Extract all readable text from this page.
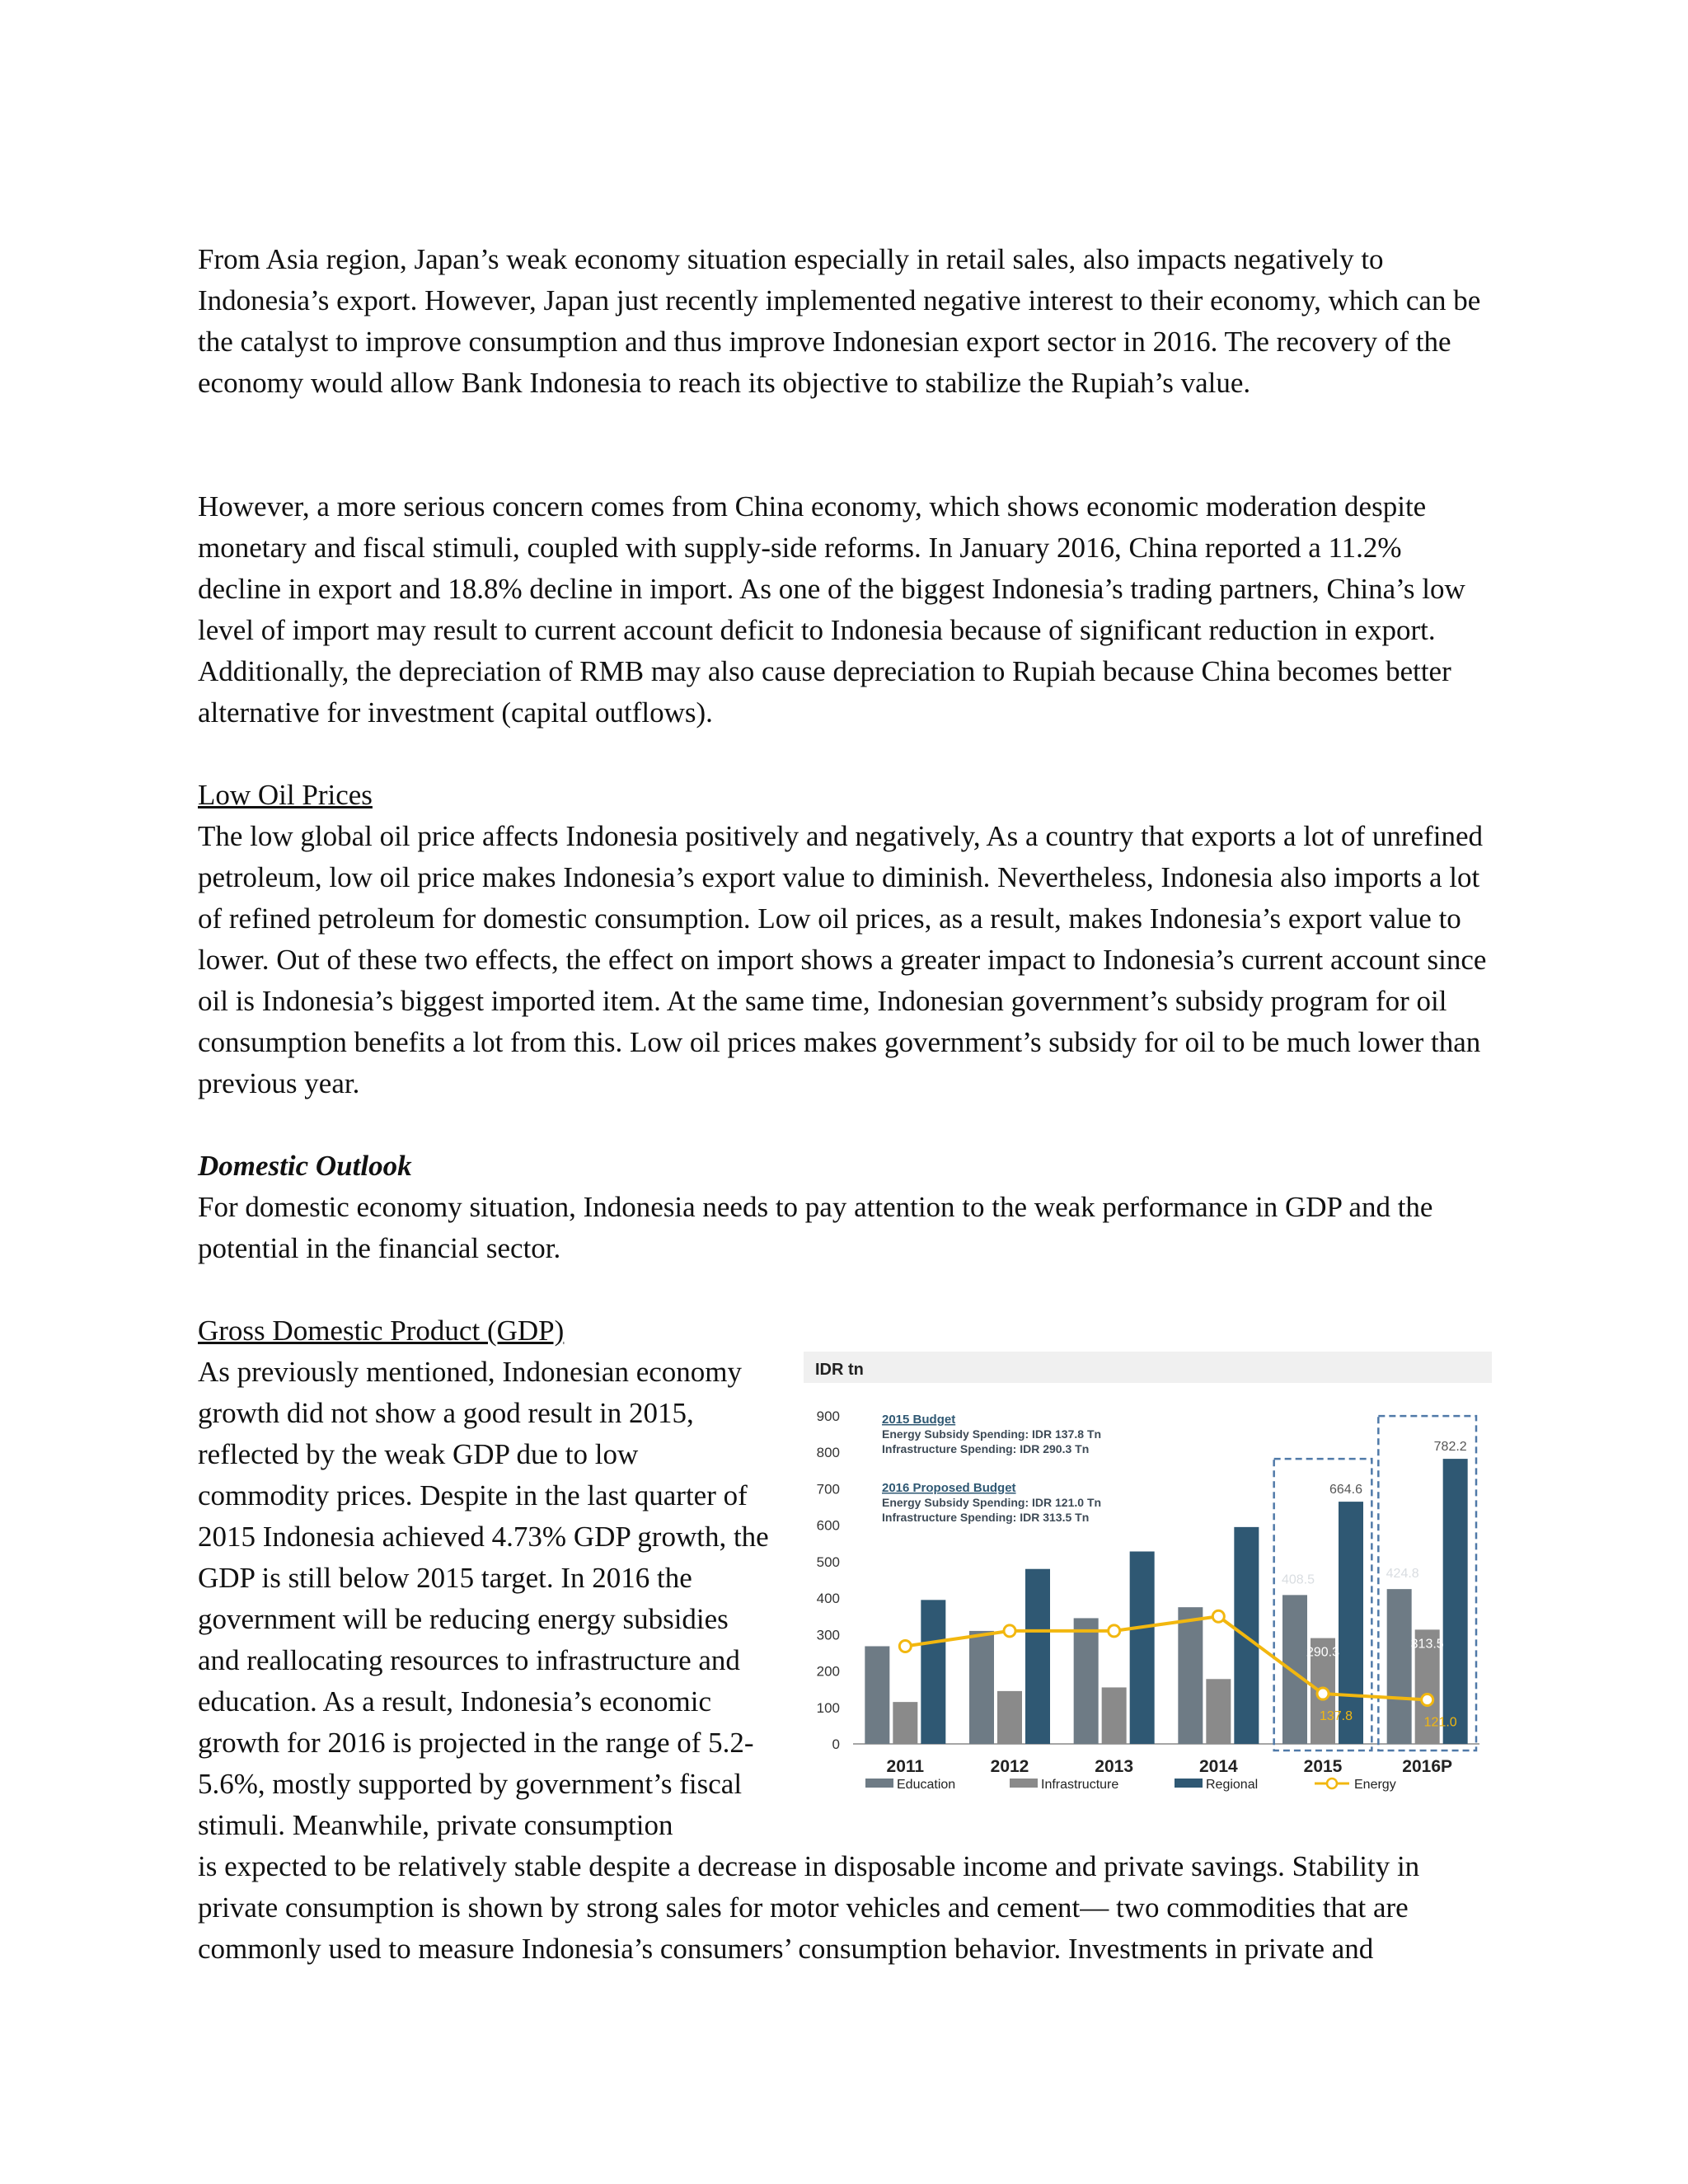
From Asia region, Japan’s weak economy situation especially in retail sales, also impacts negatively to Indonesia’s export. However, Japan just recently implemented negative interest to their economy, which can be the catalyst to improve consumption and thus improve Indonesian export sector in 2016. The recovery of the economy would allow Bank Indonesia to reach its objective to stabilize the Rupiah’s value.

However, a more serious concern comes from China economy, which shows economic moderation despite monetary and fiscal stimuli, coupled with supply-side reforms. In January 2016, China reported a 11.2% decline in export and 18.8% decline in import. As one of the biggest Indonesia’s trading partners, China’s low level of import may result to current account deficit to Indonesia because of significant reduction in export. Additionally, the depreciation of RMB may also cause depreciation to Rupiah because China becomes better alternative for investment (capital outflows).

Low Oil Prices

The low global oil price affects Indonesia positively and negatively, As a country that exports a lot of unrefined petroleum, low oil price makes Indonesia’s export value to diminish. Nevertheless, Indonesia also imports a lot of refined petroleum for domestic consumption. Low oil prices, as a result, makes Indonesia’s export value to lower. Out of these two effects, the effect on import shows a greater impact to Indonesia’s current account since oil is Indonesia’s biggest imported item. At the same time, Indonesian government’s subsidy program for oil consumption benefits a lot from this. Low oil prices makes government’s subsidy for oil to be much lower than previous year.

Domestic Outlook

For domestic economy situation, Indonesia needs to pay attention to the weak performance in GDP and the potential in the financial sector.

Gross Domestic Product (GDP)

As previously mentioned, Indonesian economy growth did not show a good result in 2015, reflected by the weak GDP due to low commodity prices. Despite in the last quarter of 2015 Indonesia achieved 4.73% GDP growth, the GDP is still below 2015 target. In 2016 the government will be reducing energy subsidies and reallocating resources to infrastructure and education. As a result, Indonesia’s economic growth for 2016 is projected in the range of 5.2-5.6%, mostly supported by government’s fiscal stimuli. Meanwhile, private consumption

is expected to be relatively stable despite a decrease in disposable income and private savings. Stability in private consumption is shown by strong sales for motor vehicles and cement— two commodities that are commonly used to measure Indonesia’s consumers’ consumption behavior. Investments in private and

IDR tn
2015 Budget
Energy Subsidy Spending: IDR 137.8 Tn
Infrastructure Spending: IDR 290.3 Tn
2016 Proposed Budget
Energy Subsidy Spending: IDR 121.0 Tn
Infrastructure Spending: IDR 313.5 Tn
0
100
200
300
400
500
600
700
800
900
2011	2012	2013	2014	2015	2016P
408.5
290.3
664.6
137.8
424.8
313.5
782.2
121.0
Education	Infrastructure	Regional	Energy
